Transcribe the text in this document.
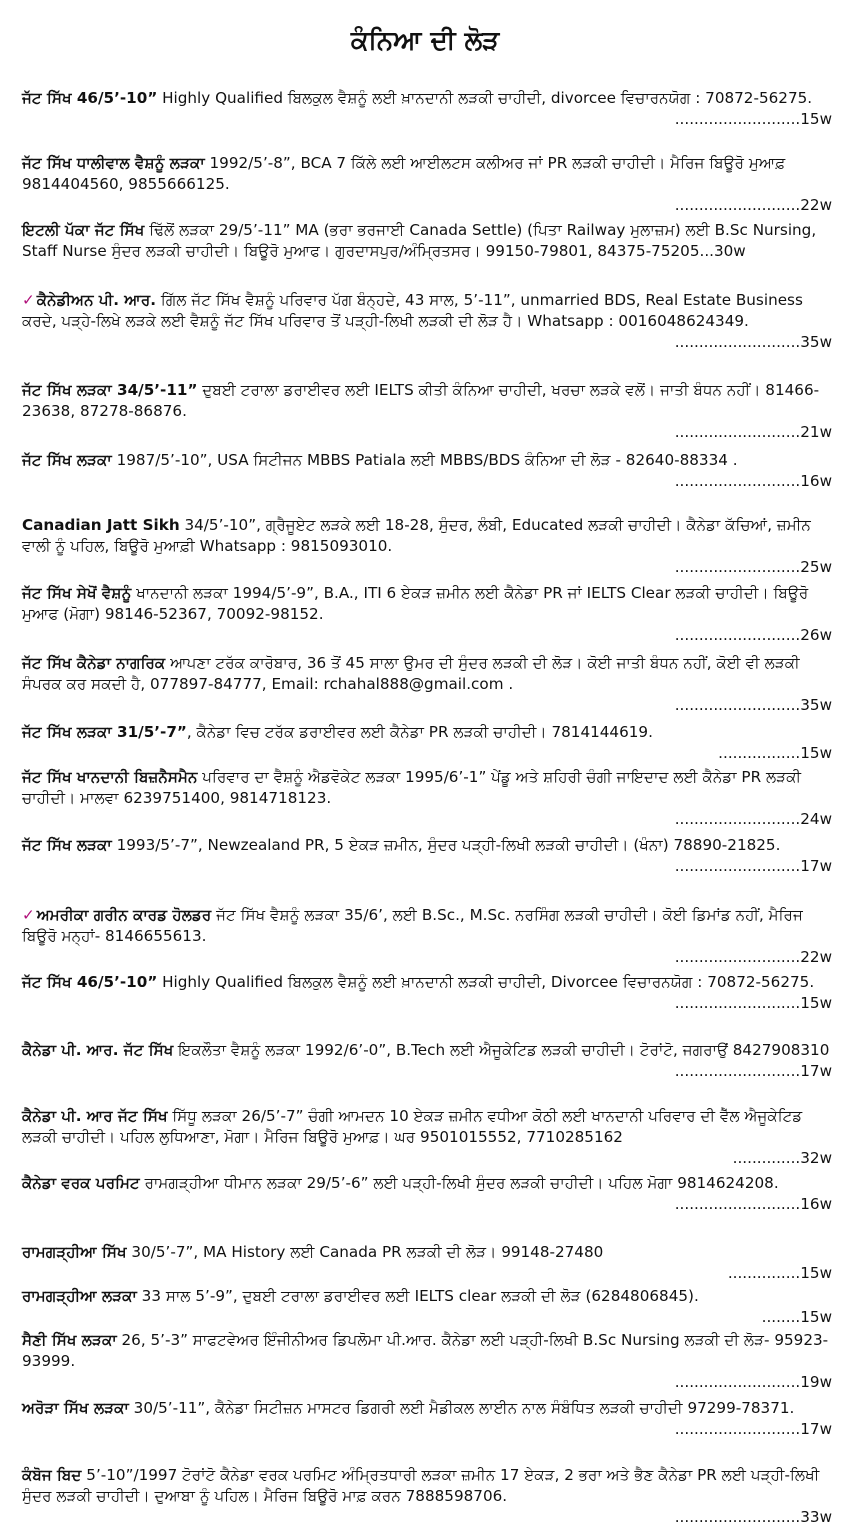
ਕੰਨਿਆ ਦੀ ਲੋੜ
ਜੱਟ ਸਿੱਖ 46/5’-10” Highly Qualified ਬਿਲਕੁਲ ਵੈਸ਼ਨੂੰ ਲਈ ਖ਼ਾਨਦਾਨੀ ਲੜਕੀ ਚਾਹੀਦੀ, divorcee ਵਿਚਾਰਨਯੋਗ : 70872-56275.
..........................15w
ਜੱਟ ਸਿੱਖ ਧਾਲੀਵਾਲ ਵੈਸ਼ਨੂੰ ਲੜਕਾ 1992/5’-8”, BCA 7 ਕਿੱਲੇ ਲਈ ਆਈਲਟਸ ਕਲੀਅਰ ਜਾਂ PR ਲੜਕੀ ਚਾਹੀਦੀ। ਮੈਰਿਜ ਬਿਊਰੋ ਮੁਆਫ਼ 9814404560, 9855666125.
..........................22w
ਇਟਲੀ ਪੱਕਾ ਜੱਟ ਸਿੱਖ ਢਿੱਲੋਂ ਲੜਕਾ 29/5’-11” MA (ਭਰਾ ਭਰਜਾਈ Canada Settle) (ਪਿਤਾ Railway ਮੁਲਾਜ਼ਮ) ਲਈ B.Sc Nursing, Staff Nurse ਸੁੰਦਰ ਲੜਕੀ ਚਾਹੀਦੀ। ਬਿਊਰੋ ਮੁਆਫ। ਗੁਰਦਾਸਪੁਰ/ਅੰਮ੍ਰਿਤਸਰ। 99150-79801, 84375-75205...30w
✓ ਕੈਨੇਡੀਅਨ ਪੀ. ਆਰ. ਗਿੱਲ ਜੱਟ ਸਿੱਖ ਵੈਸ਼ਨੂੰ ਪਰਿਵਾਰ ਪੱਗ ਬੰਨ੍ਹਦੇ, 43 ਸਾਲ, 5’-11”, unmarried BDS, Real Estate Business ਕਰਦੇ, ਪੜ੍ਹੇ-ਲਿਖੇ ਲੜਕੇ ਲਈ ਵੈਸ਼ਨੂੰ ਜੱਟ ਸਿੱਖ ਪਰਿਵਾਰ ਤੋਂ ਪੜ੍ਹੀ-ਲਿਖੀ ਲੜਕੀ ਦੀ ਲੋੜ ਹੈ। Whatsapp : 0016048624349.
..........................35w
ਜੱਟ ਸਿੱਖ ਲੜਕਾ 34/5’-11” ਦੁਬਈ ਟਰਾਲਾ ਡਰਾਈਵਰ ਲਈ IELTS ਕੀਤੀ ਕੰਨਿਆ ਚਾਹੀਦੀ, ਖਰਚਾ ਲੜਕੇ ਵਲੋਂ। ਜਾਤੀ ਬੰਧਨ ਨਹੀਂ। 81466-23638, 87278-86876.
..........................21w
ਜੱਟ ਸਿੱਖ ਲੜਕਾ 1987/5’-10”, USA ਸਿਟੀਜਨ MBBS Patiala ਲਈ MBBS/BDS ਕੰਨਿਆ ਦੀ ਲੋੜ - 82640-88334 .
..........................16w
Canadian Jatt Sikh 34/5’-10”, ਗ੍ਰੈਜੂਏਟ ਲੜਕੇ ਲਈ 18-28, ਸੁੰਦਰ, ਲੰਬੀ, Educated ਲੜਕੀ ਚਾਹੀਦੀ। ਕੈਨੇਡਾ ਕੱਚਿਆਂ, ਜ਼ਮੀਨ ਵਾਲੀ ਨੂੰ ਪਹਿਲ, ਬਿਊਰੋ ਮੁਆਫ਼ੀ Whatsapp : 9815093010.
..........................25w
ਜੱਟ ਸਿੱਖ ਸੇਖੋਂ ਵੈਸ਼ਨੂੰ ਖਾਨਦਾਨੀ ਲੜਕਾ 1994/5’-9”, B.A., ITI 6 ਏਕੜ ਜ਼ਮੀਨ ਲਈ ਕੈਨੇਡਾ PR ਜਾਂ IELTS Clear ਲੜਕੀ ਚਾਹੀਦੀ। ਬਿਊਰੋ ਮੁਆਫ (ਮੋਗਾ) 98146-52367, 70092-98152.
..........................26w
ਜੱਟ ਸਿੱਖ ਕੈਨੇਡਾ ਨਾਗਰਿਕ ਆਪਣਾ ਟਰੱਕ ਕਾਰੋਬਾਰ, 36 ਤੋਂ 45 ਸਾਲਾ ਉਮਰ ਦੀ ਸੁੰਦਰ ਲੜਕੀ ਦੀ ਲੋੜ। ਕੋਈ ਜਾਤੀ ਬੰਧਨ ਨਹੀਂ, ਕੋਈ ਵੀ ਲੜਕੀ ਸੰਪਰਕ ਕਰ ਸਕਦੀ ਹੈ, 077897-84777, Email: rchahal888@gmail.com .
..........................35w
ਜੱਟ ਸਿੱਖ ਲੜਕਾ 31/5’-7”, ਕੈਨੇਡਾ ਵਿਚ ਟਰੱਕ ਡਰਾਈਵਰ ਲਈ ਕੈਨੇਡਾ PR ਲੜਕੀ ਚਾਹੀਦੀ। 7814144619.
.................15w
ਜੱਟ ਸਿੱਖ ਖਾਨਦਾਨੀ ਬਿਜ਼ਨੈਸਮੈਨ ਪਰਿਵਾਰ ਦਾ ਵੈਸ਼ਨੂੰ ਐਡਵੋਕੇਟ ਲੜਕਾ 1995/6’-1” ਪੇਂਡੂ ਅਤੇ ਸ਼ਹਿਰੀ ਚੰਗੀ ਜਾਇਦਾਦ ਲਈ ਕੈਨੇਡਾ PR ਲੜਕੀ ਚਾਹੀਦੀ। ਮਾਲਵਾ 6239751400, 9814718123.
..........................24w
ਜੱਟ ਸਿੱਖ ਲੜਕਾ 1993/5’-7”, Newzealand PR, 5 ਏਕੜ ਜ਼ਮੀਨ, ਸੁੰਦਰ ਪੜ੍ਹੀ-ਲਿਖੀ ਲੜਕੀ ਚਾਹੀਦੀ। (ਖੰਨਾ) 78890-21825.
..........................17w
✓ ਅਮਰੀਕਾ ਗਰੀਨ ਕਾਰਡ ਹੋਲਡਰ ਜੱਟ ਸਿੱਖ ਵੈਸ਼ਨੂੰ ਲੜਕਾ 35/6’, ਲਈ B.Sc., M.Sc. ਨਰਸਿੰਗ ਲੜਕੀ ਚਾਹੀਦੀ। ਕੋਈ ਡਿਮਾਂਡ ਨਹੀਂ, ਮੈਰਿਜ ਬਿਊਰੋ ਮਨ੍ਹਾਂ- 8146655613.
..........................22w
ਜੱਟ ਸਿੱਖ 46/5’-10” Highly Qualified ਬਿਲਕੁਲ ਵੈਸ਼ਨੂੰ ਲਈ ਖ਼ਾਨਦਾਨੀ ਲੜਕੀ ਚਾਹੀਦੀ, Divorcee ਵਿਚਾਰਨਯੋਗ : 70872-56275.
..........................15w
ਕੈਨੇਡਾ ਪੀ. ਆਰ. ਜੱਟ ਸਿੱਖ ਇਕਲੌਤਾ ਵੈਸ਼ਨੂੰ ਲੜਕਾ 1992/6’-0”, B.Tech ਲਈ ਐਜੂਕੇਟਿਡ ਲੜਕੀ ਚਾਹੀਦੀ। ਟੋਰਾਂਟੋ, ਜਗਰਾਉਂ 8427908310
..........................17w
ਕੈਨੇਡਾ ਪੀ. ਆਰ ਜੱਟ ਸਿੱਖ ਸਿੱਧੂ ਲੜਕਾ 26/5’-7” ਚੰਗੀ ਆਮਦਨ 10 ਏਕੜ ਜ਼ਮੀਨ ਵਧੀਆ ਕੋਠੀ ਲਈ ਖਾਨਦਾਨੀ ਪਰਿਵਾਰ ਦੀ ਵੈੱਲ ਐਜੂਕੇਟਿਡ ਲੜਕੀ ਚਾਹੀਦੀ। ਪਹਿਲ ਲੁਧਿਆਣਾ, ਮੋਗਾ। ਮੈਰਿਜ ਬਿਊਰੋ ਮੁਆਫ਼। ਘਰ 9501015552, 7710285162
..............32w
ਕੈਨੇਡਾ ਵਰਕ ਪਰਮਿਟ ਰਾਮਗੜ੍ਹੀਆ ਧੀਮਾਨ ਲੜਕਾ 29/5’-6” ਲਈ ਪੜ੍ਹੀ-ਲਿਖੀ ਸੁੰਦਰ ਲੜਕੀ ਚਾਹੀਦੀ। ਪਹਿਲ ਮੋਗਾ 9814624208.
..........................16w
ਰਾਮਗੜ੍ਹੀਆ ਸਿੱਖ 30/5’-7”, MA History ਲਈ Canada PR ਲੜਕੀ ਦੀ ਲੋੜ। 99148-27480
...............15w
ਰਾਮਗੜ੍ਹੀਆ ਲੜਕਾ 33 ਸਾਲ 5’-9”, ਦੁਬਈ ਟਰਾਲਾ ਡਰਾਈਵਰ ਲਈ IELTS clear ਲੜਕੀ ਦੀ ਲੋੜ (6284806845).
........15w
ਸੈਣੀ ਸਿੱਖ ਲੜਕਾ 26, 5’-3” ਸਾਫਟਵੇਅਰ ਇੰਜੀਨੀਅਰ ਡਿਪਲੋਮਾ ਪੀ.ਆਰ. ਕੈਨੇਡਾ ਲਈ ਪੜ੍ਹੀ-ਲਿਖੀ B.Sc Nursing ਲੜਕੀ ਦੀ ਲੋੜ- 95923-93999.
..........................19w
ਅਰੋੜਾ ਸਿੱਖ ਲੜਕਾ 30/5’-11”, ਕੈਨੇਡਾ ਸਿਟੀਜ਼ਨ ਮਾਸਟਰ ਡਿਗਰੀ ਲਈ ਮੈਡੀਕਲ ਲਾਈਨ ਨਾਲ ਸੰਬੰਧਿਤ ਲੜਕੀ ਚਾਹੀਦੀ 97299-78371.
..........................17w
ਕੰਬੋਜ ਬਿਦ 5’-10”/1997 ਟੋਰਾਂਟੋ ਕੈਨੇਡਾ ਵਰਕ ਪਰਮਿਟ ਅੰਮ੍ਰਿਤਧਾਰੀ ਲੜਕਾ ਜ਼ਮੀਨ 17 ਏਕੜ, 2 ਭਰਾ ਅਤੇ ਭੈਣ ਕੈਨੇਡਾ PR ਲਈ ਪੜ੍ਹੀ-ਲਿਖੀ ਸੁੰਦਰ ਲੜਕੀ ਚਾਹੀਦੀ। ਦੁਆਬਾ ਨੂੰ ਪਹਿਲ। ਮੈਰਿਜ ਬਿਊਰੋ ਮਾਫ਼ ਕਰਨ 7888598706.
..........................33w
